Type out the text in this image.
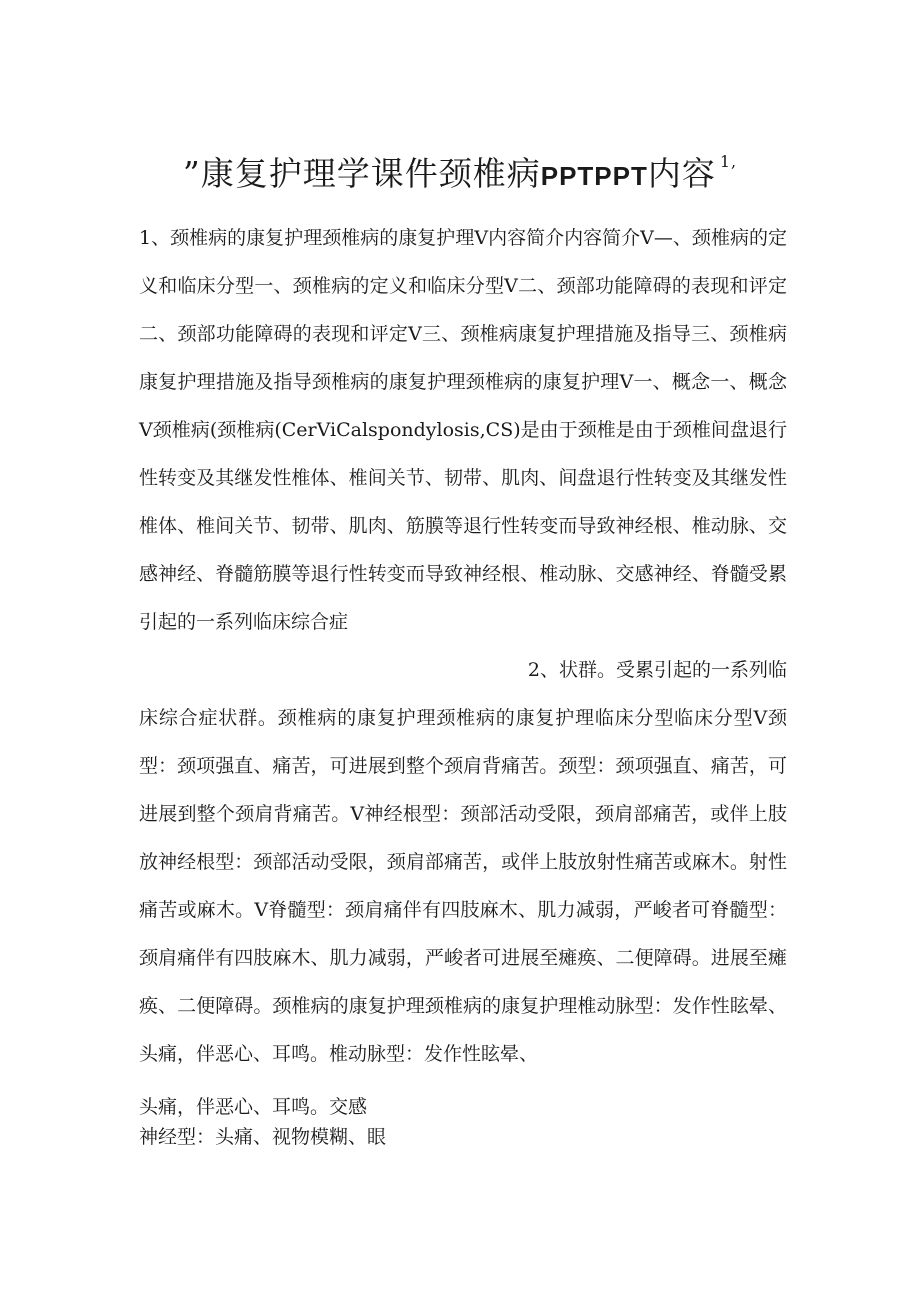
”康复护理学课件颈椎病PPTPPT内容 $^{1,}$

1、颈椎病的康复护理颈椎病的康复护理V内容简介内容简介V—、颈椎病的定义和临床分型一、颈椎病的定义和临床分型V二、颈部功能障碍的表现和评定二、颈部功能障碍的表现和评定V三、颈椎病康复护理措施及指导三、颈椎病康复护理措施及指导颈椎病的康复护理颈椎病的康复护理V一、概念一、概念V颈椎病(颈椎病(CerViCalspondylosis,CS)是由于颈椎是由于颈椎间盘退行性转变及其继发性椎体、椎间关节、韧带、肌肉、间盘退行性转变及其继发性椎体、椎间关节、韧带、肌肉、筋膜等退行性转变而导致神经根、椎动脉、交感神经、脊髓筋膜等退行性转变而导致神经根、椎动脉、交感神经、脊髓受累引起的一系列临床综合症

2、状群。受累引起的一系列临
床综合症状群。颈椎病的康复护理颈椎病的康复护理临床分型临床分型V颈型：颈项强直、痛苦，可进展到整个颈肩背痛苦。颈型：颈项强直、痛苦，可进展到整个颈肩背痛苦。V神经根型：颈部活动受限，颈肩部痛苦，或伴上肢放神经根型：颈部活动受限，颈肩部痛苦，或伴上肢放射性痛苦或麻木。射性痛苦或麻木。V脊髓型：颈肩痛伴有四肢麻木、肌力减弱，严峻者可脊髓型：颈肩痛伴有四肢麻木、肌力减弱，严峻者可进展至瘫痪、二便障碍。进展至瘫痪、二便障碍。颈椎病的康复护理颈椎病的康复护理椎动脉型：发作性眩晕、头痛，伴恶心、耳鸣。椎动脉型：发作性眩晕、
头痛，伴恶心、耳鸣。交感
神经型：头痛、视物模糊、眼
